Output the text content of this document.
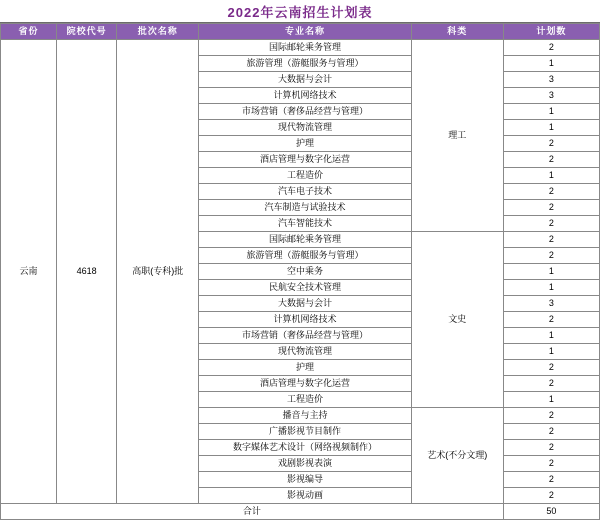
2022年云南招生计划表
省份	院校代号	批次名称	专业名称	科类	计划数
云南	4618	高职(专科)批	国际邮轮乘务管理	理工	2
			旅游管理（游艇服务与管理）		1
			大数据与会计		3
			计算机网络技术		3
			市场营销（奢侈品经营与管理）		1
			现代物流管理		1
			护理		2
			酒店管理与数字化运营		2
			工程造价		1
			汽车电子技术		2
			汽车制造与试验技术		2
			汽车智能技术		2
			国际邮轮乘务管理	文史	2
			旅游管理（游艇服务与管理）		2
			空中乘务		1
			民航安全技术管理		1
			大数据与会计		3
			计算机网络技术		2
			市场营销（奢侈品经营与管理）		1
			现代物流管理		1
			护理		2
			酒店管理与数字化运营		2
			工程造价		1
			播音与主持	艺术(不分文理)	2
			广播影视节目制作		2
			数字媒体艺术设计（网络视频制作）		2
			戏剧影视表演		2
			影视编导		2
			影视动画		2
合计					50
